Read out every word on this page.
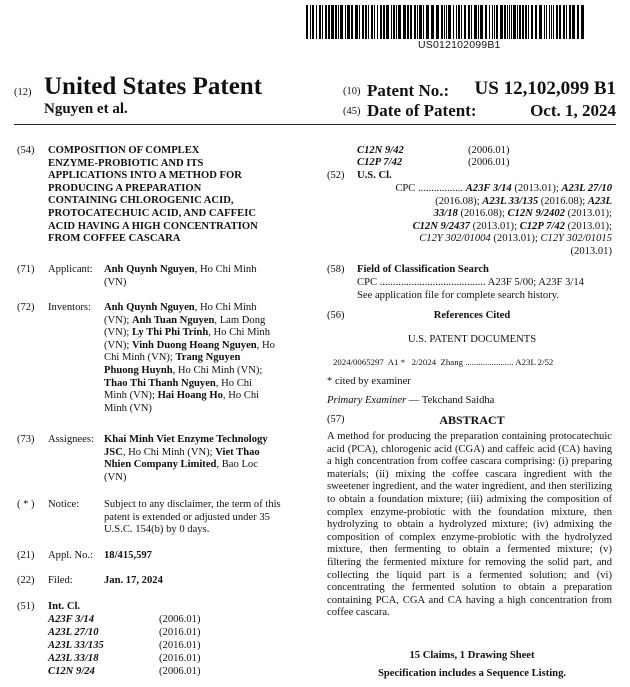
US012102099B1
(12) United States Patent
Nguyen et al.
(10) Patent No.: US 12,102,099 B1
(45) Date of Patent:	Oct. 1, 2024
(54) COMPOSITION OF COMPLEX
ENZYME-PROBIOTIC AND ITS
APPLICATIONS INTO A METHOD FOR
PRODUCING A PREPARATION
CONTAINING CHLOROGENIC ACID,
PROTOCATECHUIC ACID, AND CAFFEIC
ACID HAVING A HIGH CONCENTRATION
FROM COFFEE CASCARA
(71) Applicant: Anh Quynh Nguyen, Ho Chi Minh
(VN)
(72) Inventors: Anh Quynh Nguyen, Ho Chi Minh
(VN); Anh Tuan Nguyen, Lam Dong
(VN); Ly Thi Phi Trinh, Ho Chi Minh
(VN); Vinh Duong Hoang Nguyen, Ho
Chi Minh (VN); Trang Nguyen
Phuong Huynh, Ho Chi Minh (VN);
Thao Thi Thanh Nguyen, Ho Chi
Minh (VN); Hai Hoang Ho, Ho Chi
Minh (VN)
(73) Assignees: Khai Minh Viet Enzyme Technology
JSC, Ho Chi Minh (VN); Viet Thao
Nhien Company Limited, Bao Loc
(VN)
( * ) Notice: Subject to any disclaimer, the term of this
patent is extended or adjusted under 35
U.S.C. 154(b) by 0 days.
(21) Appl. No.: 18/415,597
(22) Filed:	Jan. 17, 2024
(51) Int. Cl.
A23F 3/14	(2006.01)
A23L 27/10	(2016.01)
A23L 33/135	(2016.01)
A23L 33/18	(2016.01)
C12N 9/24	(2006.01)
C12N 9/42	(2006.01)
C12P 7/42	(2006.01)
(52) U.S. Cl.
CPC ................. A23F 3/14 (2013.01); A23L 27/10
(2016.08); A23L 33/135 (2016.08); A23L
33/18 (2016.08); C12N 9/2402 (2013.01);
C12N 9/2437 (2013.01); C12P 7/42 (2013.01);
C12Y 302/01004 (2013.01); C12Y 302/01015
(2013.01)
(58) Field of Classification Search
CPC ........................................ A23F 5/00; A23F 3/14
See application file for complete search history.
(56)	References Cited
U.S. PATENT DOCUMENTS
2024/0065297  A1 *   2/2024  Zhang ...................... A23L 2/52
* cited by examiner
Primary Examiner — Tekchand Saidha
(57)	ABSTRACT
A method for producing the preparation containing protocatechuic acid (PCA), chlorogenic acid (CGA) and caffeic acid (CA) having a high concentration from coffee cascara comprising: (i) preparing materials; (ii) mixing the coffee cascara ingredient with the sweetener ingredient, and the water ingredient, and then sterilizing to obtain a foundation mixture; (iii) admixing the composition of complex enzyme-probiotic with the foundation mixture, then hydrolyzing to obtain a hydrolyzed mixture; (iv) admixing the composition of complex enzyme-probiotic with the hydrolyzed mixture, then fermenting to obtain a fermented mixture; (v) filtering the fermented mixture for removing the solid part, and collecting the liquid part is a fermented solution; and (vi) concentrating the fermented solution to obtain a preparation containing PCA, CGA and CA having a high concentration from coffee cascara.
15 Claims, 1 Drawing Sheet
Specification includes a Sequence Listing.
